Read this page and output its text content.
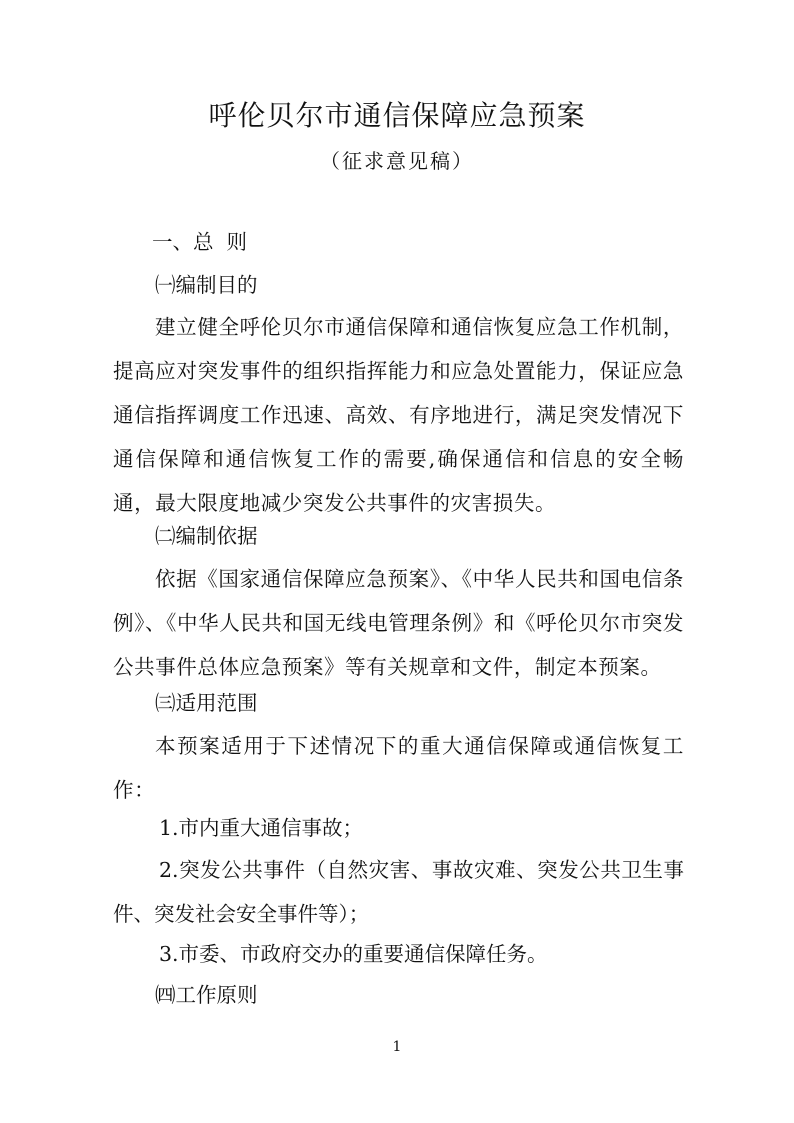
呼伦贝尔市通信保障应急预案
（征求意见稿）
一、总  则
㈠编制目的
建立健全呼伦贝尔市通信保障和通信恢复应急工作机制，提高应对突发事件的组织指挥能力和应急处置能力，保证应急通信指挥调度工作迅速、高效、有序地进行，满足突发情况下通信保障和通信恢复工作的需要,确保通信和信息的安全畅通，最大限度地减少突发公共事件的灾害损失。
㈡编制依据
依据《国家通信保障应急预案》、《中华人民共和国电信条例》、《中华人民共和国无线电管理条例》和《呼伦贝尔市突发公共事件总体应急预案》等有关规章和文件，制定本预案。
㈢适用范围
本预案适用于下述情况下的重大通信保障或通信恢复工作：
1.市内重大通信事故；
2.突发公共事件（自然灾害、事故灾难、突发公共卫生事件、突发社会安全事件等）；
3.市委、市政府交办的重要通信保障任务。
㈣工作原则
1
